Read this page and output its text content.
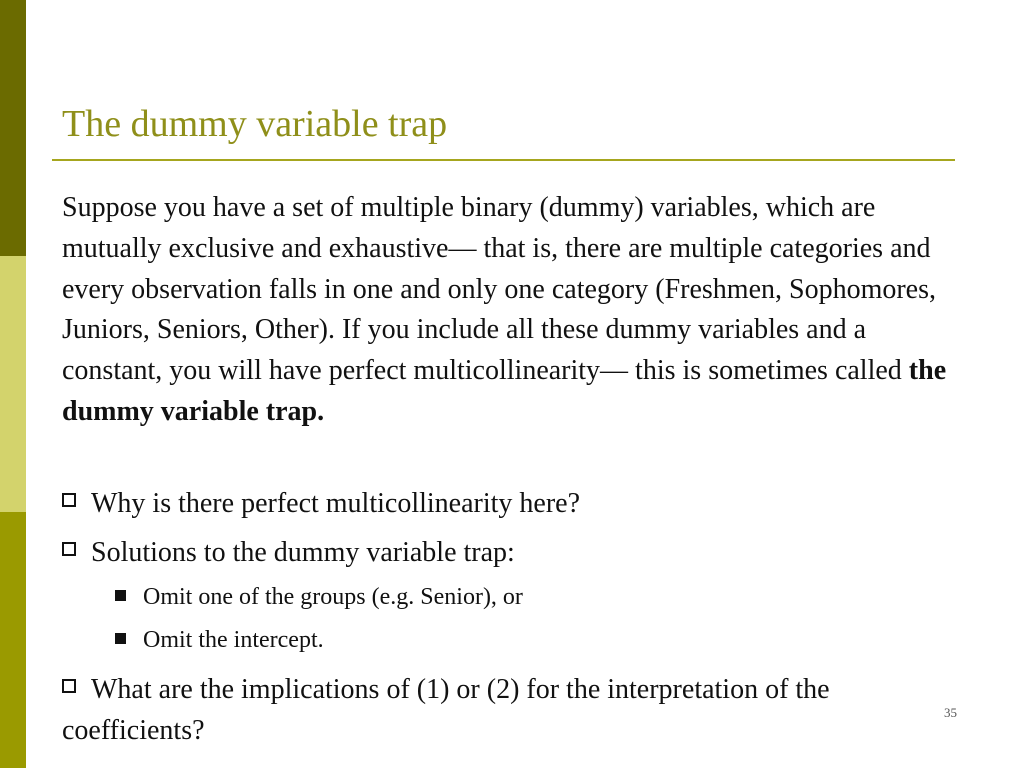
The dummy variable trap
Suppose you have a set of multiple binary (dummy) variables, which are mutually exclusive and exhaustive— that is, there are multiple categories and every observation falls in one and only one category (Freshmen, Sophomores, Juniors, Seniors, Other). If you include all these dummy variables and a constant, you will have perfect multicollinearity— this is sometimes called the dummy variable trap.
Why is there perfect multicollinearity here?
Solutions to the dummy variable trap:
Omit one of the groups (e.g. Senior), or
Omit the intercept.
What are the implications of (1) or (2) for the interpretation of the coefficients?
35
